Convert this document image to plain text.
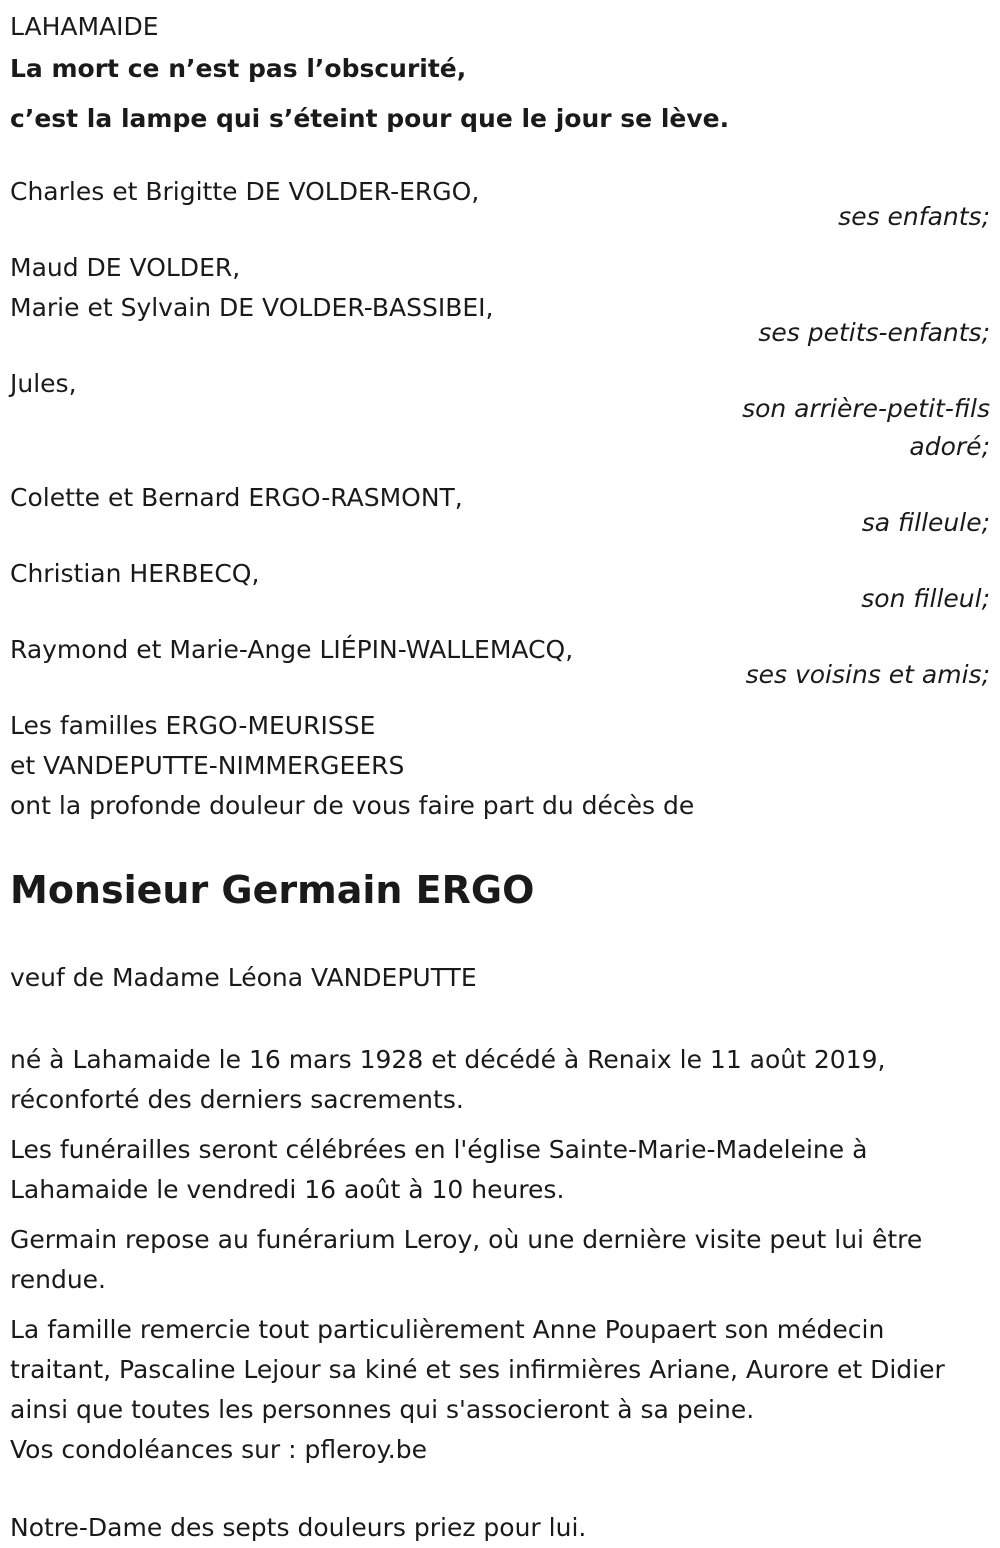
LAHAMAIDE
La mort ce n’est pas l’obscurité,
c’est la lampe qui s’éteint pour que le jour se lève.
Charles et Brigitte DE VOLDER-ERGO,
ses enfants;
Maud DE VOLDER,
Marie et Sylvain DE VOLDER-BASSIBEI,
ses petits-enfants;
Jules,
son arrière-petit-fils
adoré;
Colette et Bernard ERGO-RASMONT,
sa filleule;
Christian HERBECQ,
son filleul;
Raymond et Marie-Ange LIÉPIN-WALLEMACQ,
ses voisins et amis;
Les familles ERGO-MEURISSE
et VANDEPUTTE-NIMMERGEERS
ont la profonde douleur de vous faire part du décès de
Monsieur Germain ERGO
veuf de Madame Léona VANDEPUTTE
né à Lahamaide le 16 mars 1928 et décédé à Renaix le 11 août 2019,
réconforté des derniers sacrements.
Les funérailles seront célébrées en l'église Sainte-Marie-Madeleine à Lahamaide le vendredi 16 août à 10 heures.
Germain repose au funérarium Leroy, où une dernière visite peut lui être rendue.
La famille remercie tout particulièrement Anne Poupaert son médecin traitant, Pascaline Lejour sa kiné et ses infirmières Ariane, Aurore et Didier ainsi que toutes les personnes qui s'associeront à sa peine.
Vos condoléances sur : pfleroy.be
Notre-Dame des septs douleurs priez pour lui.
